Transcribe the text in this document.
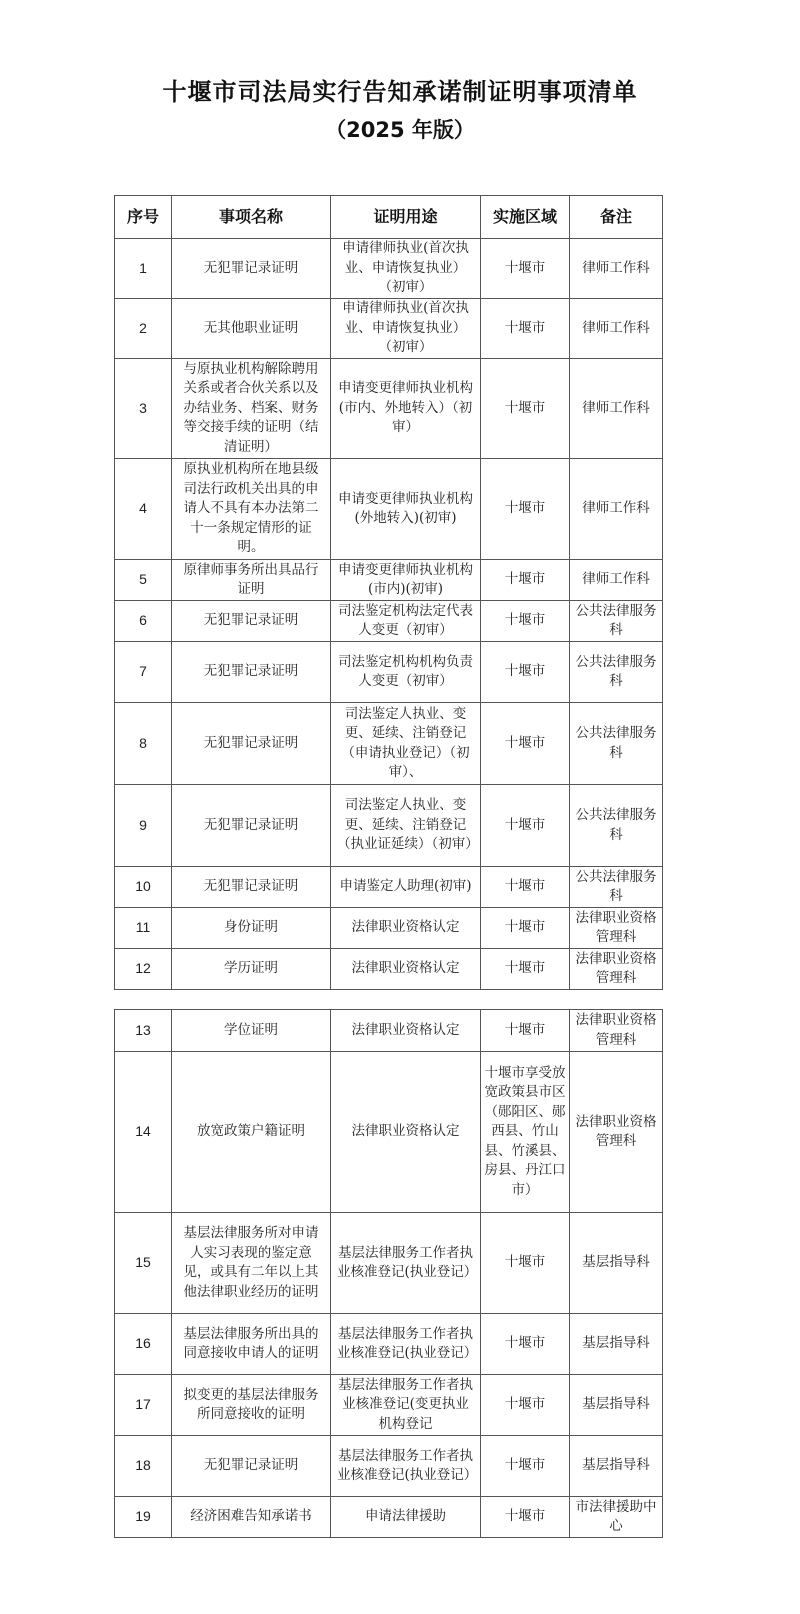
十堰市司法局实行告知承诺制证明事项清单
（2025 年版）
序号	事项名称	证明用途	实施区域	备注
1	无犯罪记录证明	申请律师执业(首次执业、申请恢复执业）（初审）	十堰市	律师工作科
2	无其他职业证明	申请律师执业(首次执业、申请恢复执业）（初审）	十堰市	律师工作科
3	与原执业机构解除聘用关系或者合伙关系以及办结业务、档案、财务等交接手续的证明（结清证明）	申请变更律师执业机构(市内、外地转入）（初审）	十堰市	律师工作科
4	原执业机构所在地县级司法行政机关出具的申请人不具有本办法第二十一条规定情形的证明。	申请变更律师执业机构(外地转入)(初审)	十堰市	律师工作科
5	原律师事务所出具品行证明	申请变更律师执业机构(市内)(初审)	十堰市	律师工作科
6	无犯罪记录证明	司法鉴定机构法定代表人变更（初审）	十堰市	公共法律服务科
7	无犯罪记录证明	司法鉴定机构机构负责人变更（初审）	十堰市	公共法律服务科
8	无犯罪记录证明	司法鉴定人执业、变更、延续、注销登记（申请执业登记）（初审）、	十堰市	公共法律服务科
9	无犯罪记录证明	司法鉴定人执业、变更、延续、注销登记（执业证延续）（初审）	十堰市	公共法律服务科
10	无犯罪记录证明	申请鉴定人助理(初审)	十堰市	公共法律服务科
11	身份证明	法律职业资格认定	十堰市	法律职业资格管理科
12	学历证明	法律职业资格认定	十堰市	法律职业资格管理科
13	学位证明	法律职业资格认定	十堰市	法律职业资格管理科
14	放宽政策户籍证明	法律职业资格认定	十堰市享受放宽政策县市区（郧阳区、郧西县、竹山县、竹溪县、房县、丹江口市）	法律职业资格管理科
15	基层法律服务所对申请人实习表现的鉴定意见，或具有二年以上其他法律职业经历的证明	基层法律服务工作者执业核准登记(执业登记）	十堰市	基层指导科
16	基层法律服务所出具的同意接收申请人的证明	基层法律服务工作者执业核准登记(执业登记）	十堰市	基层指导科
17	拟变更的基层法律服务所同意接收的证明	基层法律服务工作者执业核准登记(变更执业机构登记	十堰市	基层指导科
18	无犯罪记录证明	基层法律服务工作者执业核准登记(执业登记）	十堰市	基层指导科
19	经济困难告知承诺书	申请法律援助	十堰市	市法律援助中心
